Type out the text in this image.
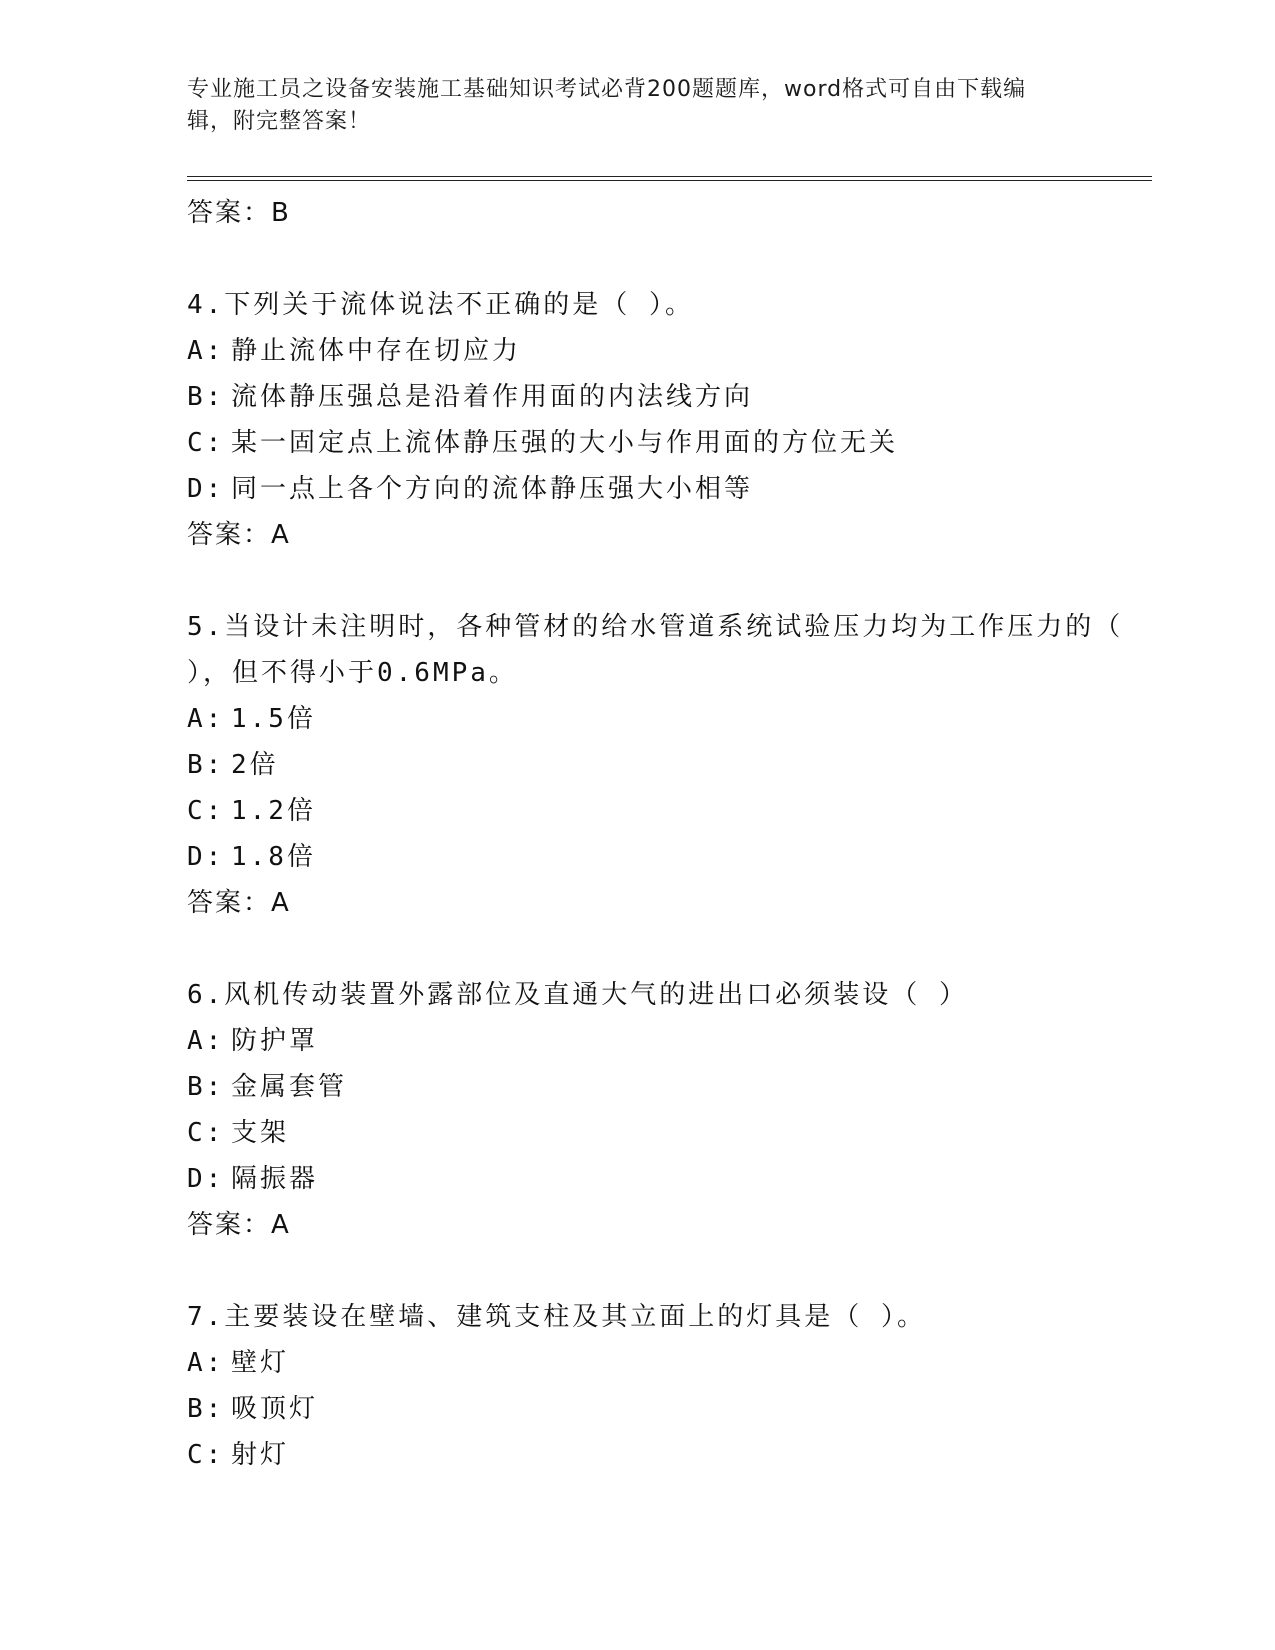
专业施工员之设备安装施工基础知识考试必背200题题库，word格式可自由下载编辑，附完整答案！
答案：B
4.下列关于流体说法不正确的是（ ）。
A: 静止流体中存在切应力
B: 流体静压强总是沿着作用面的内法线方向
C: 某一固定点上流体静压强的大小与作用面的方位无关
D: 同一点上各个方向的流体静压强大小相等
答案：A
5.当设计未注明时，各种管材的给水管道系统试验压力均为工作压力的（ ），但不得小于0.6MPa。
A: 1.5倍
B: 2倍
C: 1.2倍
D: 1.8倍
答案：A
6.风机传动装置外露部位及直通大气的进出口必须装设（ ）
A: 防护罩
B: 金属套管
C: 支架
D: 隔振器
答案：A
7.主要装设在壁墙、建筑支柱及其立面上的灯具是（ ）。
A: 壁灯
B: 吸顶灯
C: 射灯
